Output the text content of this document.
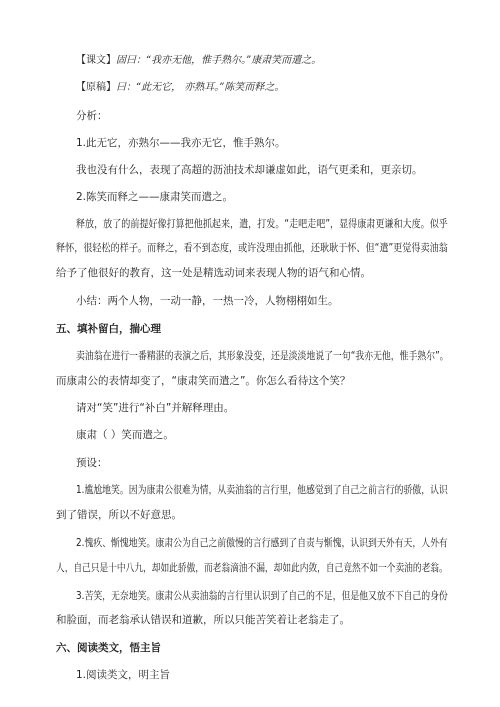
【课文】固曰：“我亦无他，惟手熟尔。”康肃笑而遣之。
【原稿】曰：“此无它， 亦熟耳。”陈笑而释之。
分析：
1.此无它，亦熟尔——我亦无它，惟手熟尔。
我也没有什么，表现了高超的沥油技术却谦虚如此，语气更柔和，更亲切。
2.陈笑而释之——康肃笑而遣之。
释放，放了的前提好像打算把他抓起来，遣，打发。“走吧走吧”，显得康肃更谦和大度。似乎
释怀，很轻松的样子。而释之，看不到态度，或许没理由抓他，还耿耿于怀、但“遣”更觉得卖油翁
给予了他很好的教育，这一处是精选动词来表现人物的语气和心情。
小结：两个人物，一动一静，一热一冷，人物栩栩如生。
五、填补留白，揣心理
卖油翁在进行一番精湛的表演之后，其形象没变，还是淡淡地说了一句“我亦无他，惟手熟尔”。
而康肃公的表情却变了，“康肃笑而遣之”。你怎么看待这个笑？
请对“笑”进行“补白”并解释理由。
康肃（ ）笑而遣之。
预设：
1.尴尬地笑。因为康肃公很难为情，从卖油翁的言行里，他感觉到了自己之前言行的骄傲，认识
到了错误，所以不好意思。
2.愧疚、惭愧地笑。康肃公为自己之前傲慢的言行感到了自责与惭愧，认识到天外有天，人外有
人，自己只是十中八九，却如此骄傲，而老翁滴油不漏，却如此内敛，自己竟然不如一个卖油的老翁。
3.苦笑，无奈地笑。康肃公从卖油翁的言行里认识到了自己的不足，但是他又放不下自己的身份
和脸面，而老翁承认错误和道歉，所以只能苦笑着让老翁走了。
六、阅读类文，悟主旨
1.阅读类文，明主旨
